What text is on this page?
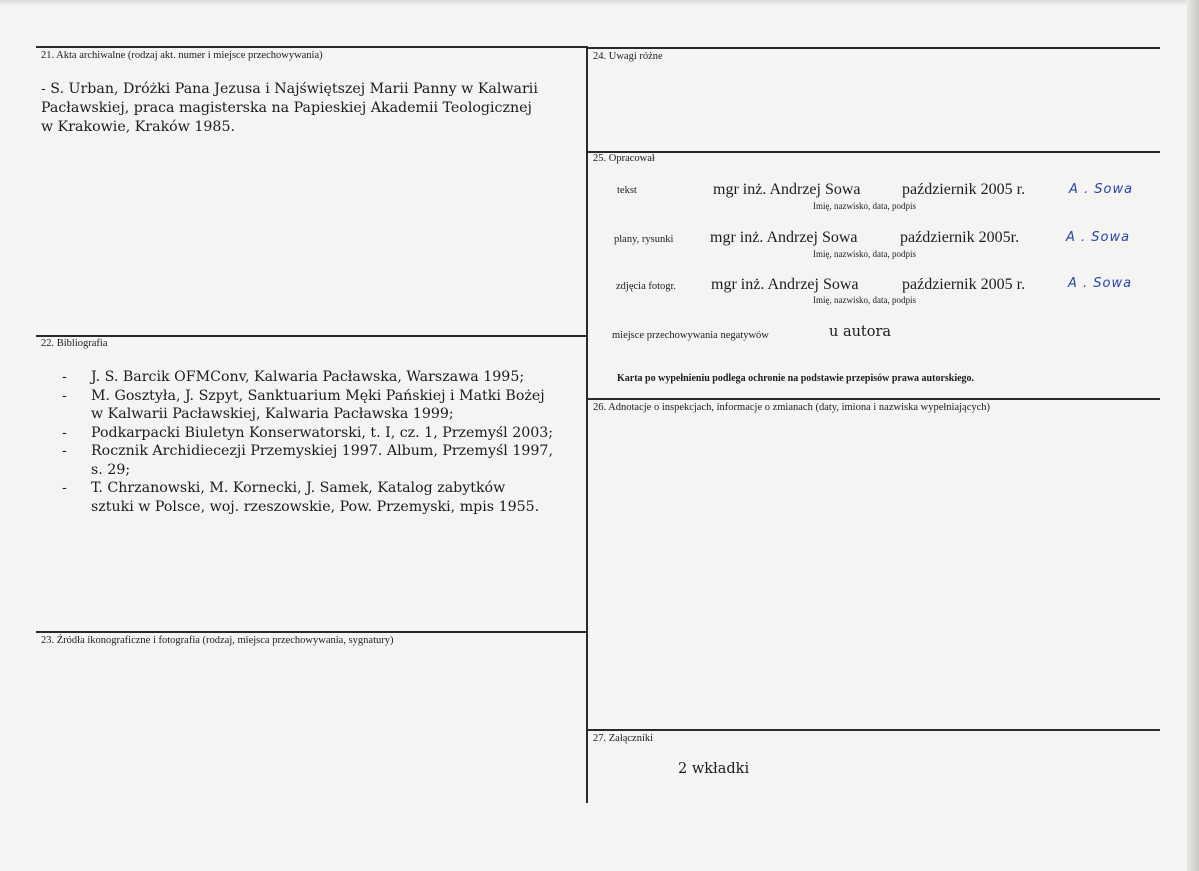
21. Akta archiwalne (rodzaj akt. numer i miejsce przechowywania)
- S. Urban, Dróżki Pana Jezusa i Najświętszej Marii Panny w Kalwarii
Pacławskiej, praca magisterska na Papieskiej Akademii Teologicznej
w Krakowie, Kraków 1985.
22. Bibliografia
- J. S. Barcik OFMConv, Kalwaria Pacławska, Warszawa 1995;
- M. Gosztyła, J. Szpyt, Sanktuarium Męki Pańskiej i Matki Bożej
w Kalwarii Pacławskiej, Kalwaria Pacławska 1999;
- Podkarpacki Biuletyn Konserwatorski, t. I, cz. 1, Przemyśl 2003;
- Rocznik Archidiecezji Przemyskiej 1997. Album, Przemyśl 1997,
s. 29;
- T. Chrzanowski, M. Kornecki, J. Samek, Katalog zabytków
sztuki w Polsce, woj. rzeszowskie, Pow. Przemyski, mpis 1955.
23. Źródła ikonograficzne i fotografia (rodzaj, miejsca przechowywania, sygnatury)
24. Uwagi różne
25. Opracował
tekst	mgr inż. Andrzej Sowa	październik 2005 r.	A . Sowa
Imię, nazwisko, data, podpis
plany, rysunki mgr inż. Andrzej Sowa	październik 2005r.	A . Sowa
Imię, nazwisko, data, podpis
zdjęcia fotogr. mgr inż. Andrzej Sowa	październik 2005 r.	A . Sowa
Imię, nazwisko, data, podpis
miejsce przechowywania negatywów	u autora
Karta po wypełnieniu podlega ochronie na podstawie przepisów prawa autorskiego.
26. Adnotacje o inspekcjach, informacje o zmianach (daty, imiona i nazwiska wypełniających)
27. Załączniki
2 wkładki
